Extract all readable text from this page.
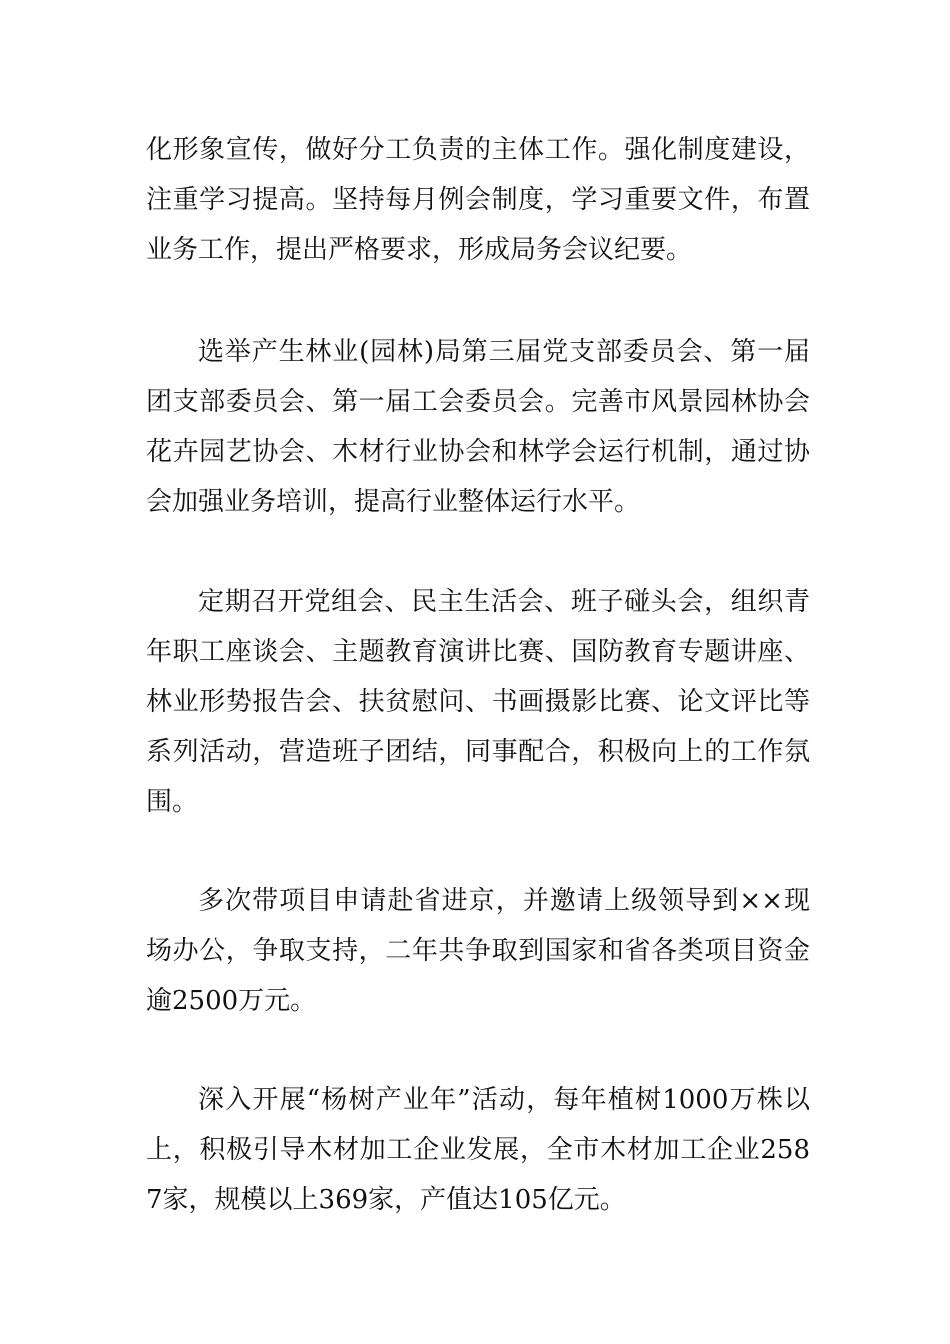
化形象宣传，做好分工负责的主体工作。强化制度建设，注重学习提高。坚持每月例会制度，学习重要文件，布置业务工作，提出严格要求，形成局务会议纪要。

选举产生林业(园林)局第三届党支部委员会、第一届团支部委员会、第一届工会委员会。完善市风景园林协会花卉园艺协会、木材行业协会和林学会运行机制，通过协会加强业务培训，提高行业整体运行水平。

定期召开党组会、民主生活会、班子碰头会，组织青年职工座谈会、主题教育演讲比赛、国防教育专题讲座、林业形势报告会、扶贫慰问、书画摄影比赛、论文评比等系列活动，营造班子团结，同事配合，积极向上的工作氛围。

多次带项目申请赴省进京，并邀请上级领导到××现场办公，争取支持，二年共争取到国家和省各类项目资金逾2500万元。

深入开展“杨树产业年”活动，每年植树1000万株以上，积极引导木材加工企业发展，全市木材加工企业2587家，规模以上369家，产值达105亿元。
